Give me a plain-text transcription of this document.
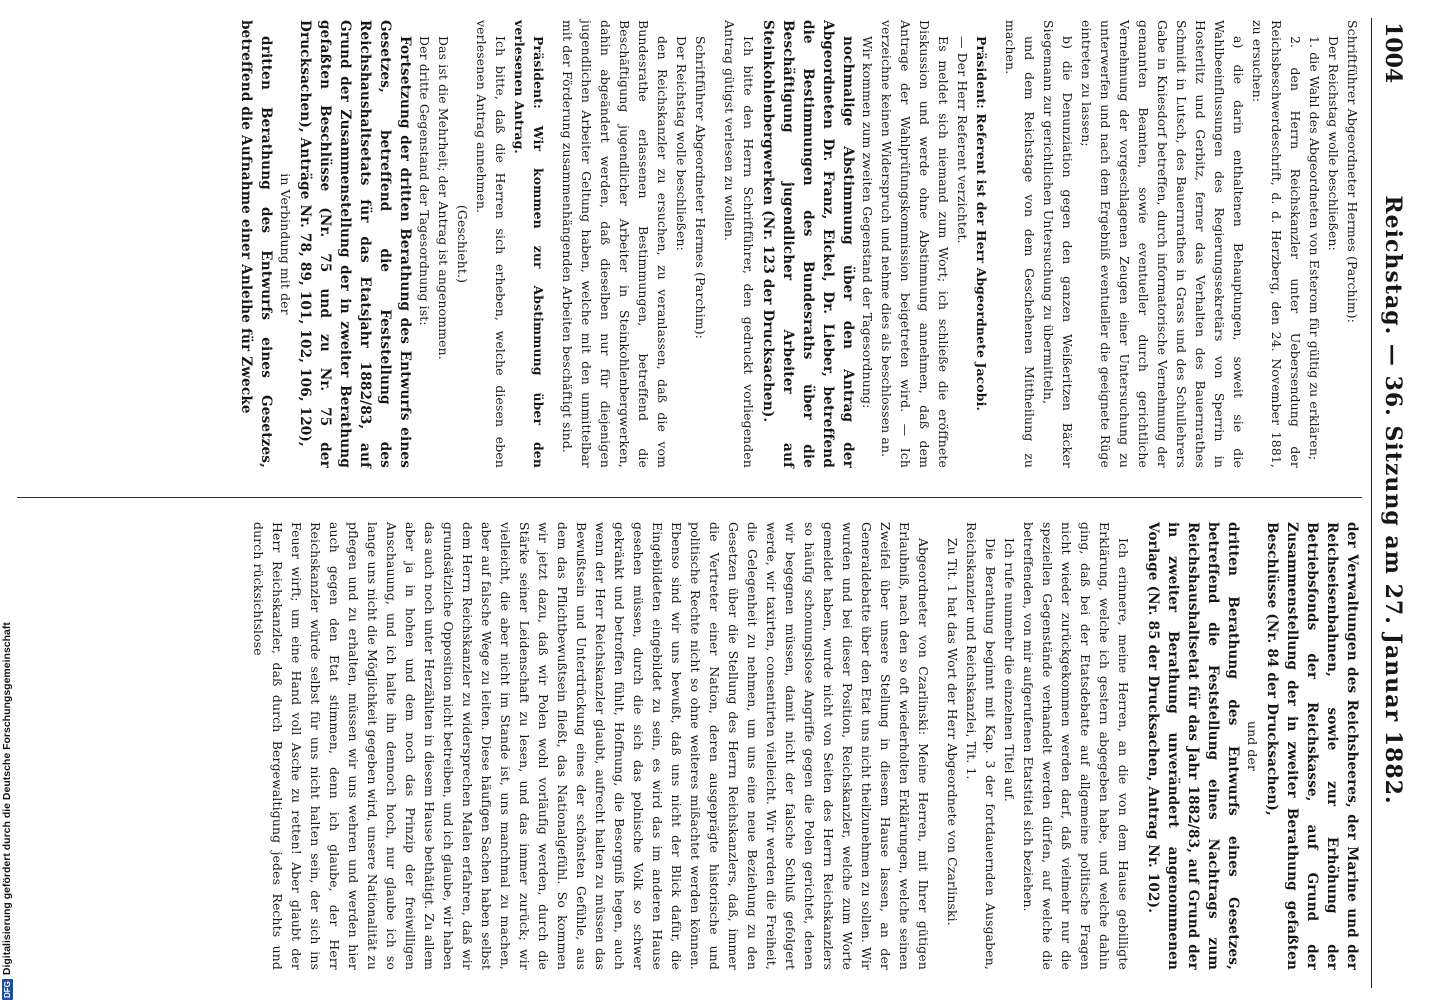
1004
Reichstag. — 36. Sitzung am 27. Januar 1882.

Schriftführer Abgeordneter Hermes (Parchim):

Der Reichstag wolle beschließen:

1. die Wahl des Abgeordneten von Esterom für gültig zu erklären;

2. den Herrn Reichskanzler unter Uebersendung der Reichsbeschwerdeschrift, d. d. Herzberg, den 24. November 1881, zu ersuchen:

a) die darin enthaltenen Behauptungen, soweit sie die Wahlbeeinflussungen des Regierungssekretärs von Sperrin in Hosterlitz und Gerbitz, ferner das Verhalten des Bauernrathes Schmidt in Lutsch, des Bauernrathes in Grass und des Schullehrers Gabe in Kniesdorf betreffen, durch informatorische Vernehmung der genannten Beamten, sowie eventueller durch gerichtliche Vernehmung der vorgeschlagenen Zeugen einer Untersuchung zu unterwerfen und nach dem Ergebniß eventueller die geeignete Rüge eintreten zu lassen;

b) die Denunziation gegen den ganzen Weißeritzen Bäcker Siegemann zur gerichtlichen Untersuchung zu übermitteln,

und dem Reichstage von dem Geschehenen Mittheilung zu machen.

Präsident: Referent ist der Herr Abgeordnete Jacobi.

— Der Herr Referent verzichtet.

Es meldet sich niemand zum Wort; ich schließe die eröffnete Diskussion und werde ohne Abstimmung annehmen, daß dem Antrage der Wahlprüfungskommission beigetreten wird. — Ich verzeichne keinen Widerspruch und nehme dies als beschlossen an.

Wir kommen zum zweiten Gegenstand der Tagesordnung:

nochmalige Abstimmung über den Antrag der Abgeordneten Dr. Franz, Eickel, Dr. Lieber, betreffend die Bestimmungen des Bundesraths über die Beschäftigung jugendlicher Arbeiter auf Steinkohlenbergwerken (Nr. 123 der Drucksachen).

Ich bitte den Herrn Schriftführer, den gedruckt vorliegenden Antrag gütigst verlesen zu wollen.

Schriftführer Abgeordneter Hermes (Parchim):

Der Reichstag wolle beschließen:

den Reichskanzler zu ersuchen, zu veranlassen, daß die vom Bundesrathe erlassenen Bestimmungen, betreffend die Beschäftigung jugendlicher Arbeiter in Steinkohlenbergwerken, dahin abgeändert werden, daß dieselben nur für diejenigen jugendlichen Arbeiter Geltung haben, welche mit den unmittelbar mit der Förderung zusammenhängenden Arbeiten beschäftigt sind.

Präsident: Wir kommen zur Abstimmung über den verlesenen Antrag.

Ich bitte, daß die Herren sich erheben, welche diesen eben verlesenen Antrag annehmen.

(Geschieht.)

Das ist die Mehrheit; der Antrag ist angenommen.

Der dritte Gegenstand der Tagesordnung ist:

Fortsetzung der dritten Berathung des Entwurfs eines Gesetzes, betreffend die Feststellung des Reichshaushaltsetats für das Etatsjahr 1882/83, auf Grund der Zusammenstellung der in zweiter Berathung gefaßten Beschlüsse (Nr. 75 und zu Nr. 75 der Drucksachen), Anträge Nr. 78, 89, 101, 102, 106, 120),

in Verbindung mit der

dritten Berathung des Entwurfs eines Gesetzes, betreffend die Aufnahme einer Anleihe für Zwecke

der Verwaltungen des Reichsheeres, der Marine und der Reichseisenbahnen, sowie zur Erhöhung der Betriebsfonds der Reichskasse, auf Grund der Zusammenstellung der in zweiter Berathung gefaßten Beschlüsse (Nr. 84 der Drucksachen),

und der

dritten Berathung des Entwurfs eines Gesetzes, betreffend die Feststellung eines Nachtrags zum Reichshaushaltsetat für das Jahr 1882/83, auf Grund der in zweiter Berathung unverändert angenommenen Vorlage (Nr. 85 der Drucksachen, Antrag Nr. 102).

Ich erinnere, meine Herren, an die von dem Hause gebilligte Erklärung, welche ich gestern abgegeben habe, und welche dahin ging, daß bei der Etatsdebatte auf allgemeine politische Fragen nicht wieder zurückgekommen werden darf, daß vielmehr nur die speziellen Gegenstände verhandelt werden dürfen, auf welche die betreffenden, von mir aufgerufenen Etatstitel sich beziehen.

Ich rufe nunmehr die einzelnen Titel auf.

Die Berathung beginnt mit Kap. 3 der fortdauernden Ausgaben, Reichskanzler und Reichskanzlei, Tit. 1.

Zu Tit. 1 hat das Wort der Herr Abgeordnete von Czarlinski.

Abgeordneter von Czarlinski: Meine Herren, mit Ihrer gütigen Erlaubniß, nach den so oft wiederholten Erklärungen, welche seinen Zweifel über unsere Stellung in diesem Hause lassen, an der Generaldebatte über den Etat uns nicht theilzunehmen zu sollen. Wir wurden und bei dieser Position, Reichskanzler, welche zum Worte gemeldet haben, wurde nicht von Seiten des Herrn Reichskanzlers so häufig schonungslose Angriffe gegen die Polen gerichtet, denen wir begegnen müssen, damit nicht der falsche Schluß gefolgert werde, wir taxirten, consentirten vielleicht. Wir werden die Freiheit, die Gelegenheit zu nehmen, um uns eine neue Beziehung zu den Gesetzen über die Stellung des Herrn Reichskanzlers, daß, immer die Vertreter einer Nation, deren ausgeprägte historische und politische Rechte nicht so ohne weiteres mißachtet werden können. Ebenso sind wir uns bewußt, daß uns nicht der Blick dafür, die Eingebildeten eingebildet zu sein, es wird das im anderen Hause gesehen müssen, durch die sich das polnische Volk so schwer gekränkt und betroffen fühlt, Hoffnung, die Besorgniß hegen, auch wenn der Herr Reichskanzler glaubt, aufrecht halten zu müssen das Bewußtsein und Unterdrückung eines der schönsten Gefühle, aus dem das Pflichtbewußtsein fließt, das Nationalgefühl. So kommen wir jetzt dazu, daß wir Polen wohl vorläufig werden, durch die Stärke seiner Leidenschaft zu lesen, und das immer zurück; wir vielleicht, die aber nicht im Stande ist, uns manchmal zu machen, aber auf falsche Wege zu leiten. Diese häufigen Sachen haben selbst dem Herrn Reichskanzler zu widersprechen Malen erfahren, daß wir grundsätzliche Opposition nicht betreiben, und ich glaube, wir haben das auch noch unter Herzählten in diesem Hause bethätigt. Zu allem aber ja in hohen und dem noch das Prinzip der freiwilligen Anschauung, und ich halte ihn dennoch hoch, nur glaube ich so lange uns nicht die Möglichkeit gegeben wird, unsere Nationalität zu pflegen und zu erhalten, müssen wir uns wehren und werden hier auch gegen den Etat stimmen, denn ich glaube, der Herr Reichskanzler würde selbst für uns nicht halten sein, der sich ins Feuer wirft; um eine Hand voll Asche zu retten! Aber glaubt der Herr Reichskanzler, daß durch Bergewaltigung jedes Rechts und durch rücksichtslose

DFGDigitalisierung gefördert durch die Deutsche Forschungsgemeinschaft
